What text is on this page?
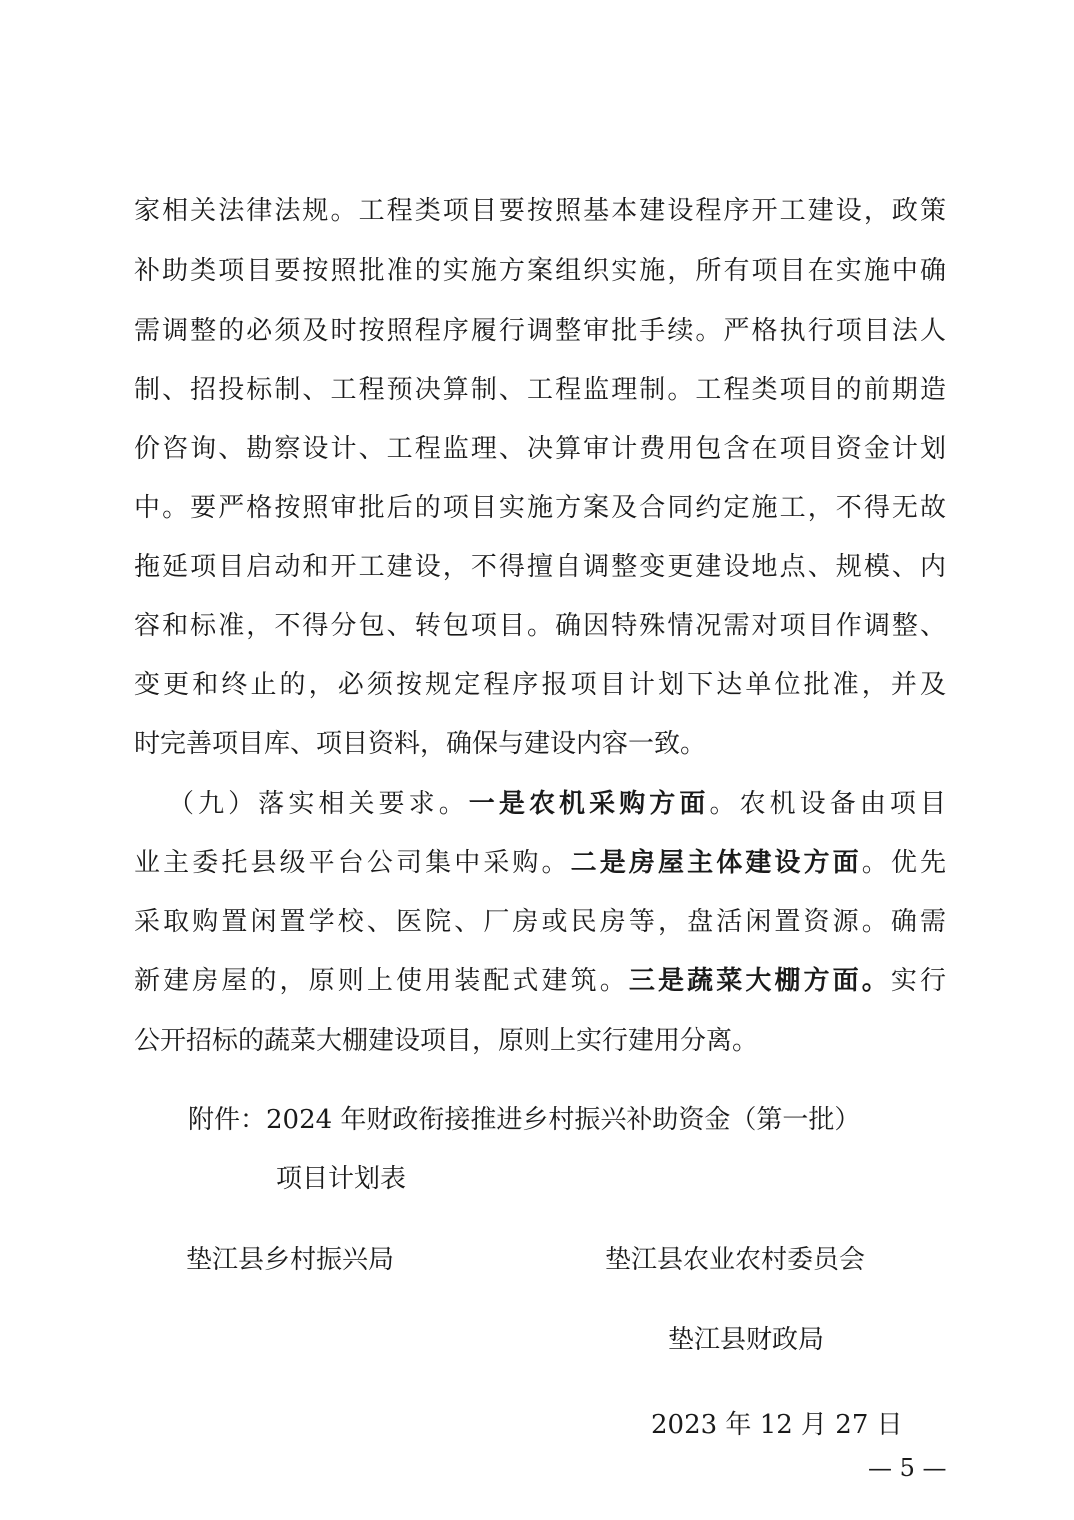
家相关法律法规。工程类项目要按照基本建设程序开工建设，政策
补助类项目要按照批准的实施方案组织实施，所有项目在实施中确
需调整的必须及时按照程序履行调整审批手续。严格执行项目法人
制、招投标制、工程预决算制、工程监理制。工程类项目的前期造
价咨询、勘察设计、工程监理、决算审计费用包含在项目资金计划
中。要严格按照审批后的项目实施方案及合同约定施工，不得无故
拖延项目启动和开工建设，不得擅自调整变更建设地点、规模、内
容和标准，不得分包、转包项目。确因特殊情况需对项目作调整、
变更和终止的，必须按规定程序报项目计划下达单位批准，并及
时完善项目库、项目资料，确保与建设内容一致。
（九）落实相关要求。一是农机采购方面。农机设备由项目
业主委托县级平台公司集中采购。二是房屋主体建设方面。优先
采取购置闲置学校、医院、厂房或民房等，盘活闲置资源。确需
新建房屋的，原则上使用装配式建筑。三是蔬菜大棚方面。实行
公开招标的蔬菜大棚建设项目，原则上实行建用分离。
附件：2024 年财政衔接推进乡村振兴补助资金（第一批）
项目计划表
垫江县乡村振兴局	垫江县农业农村委员会
垫江县财政局
2023 年 12 月 27 日
— 5 —
